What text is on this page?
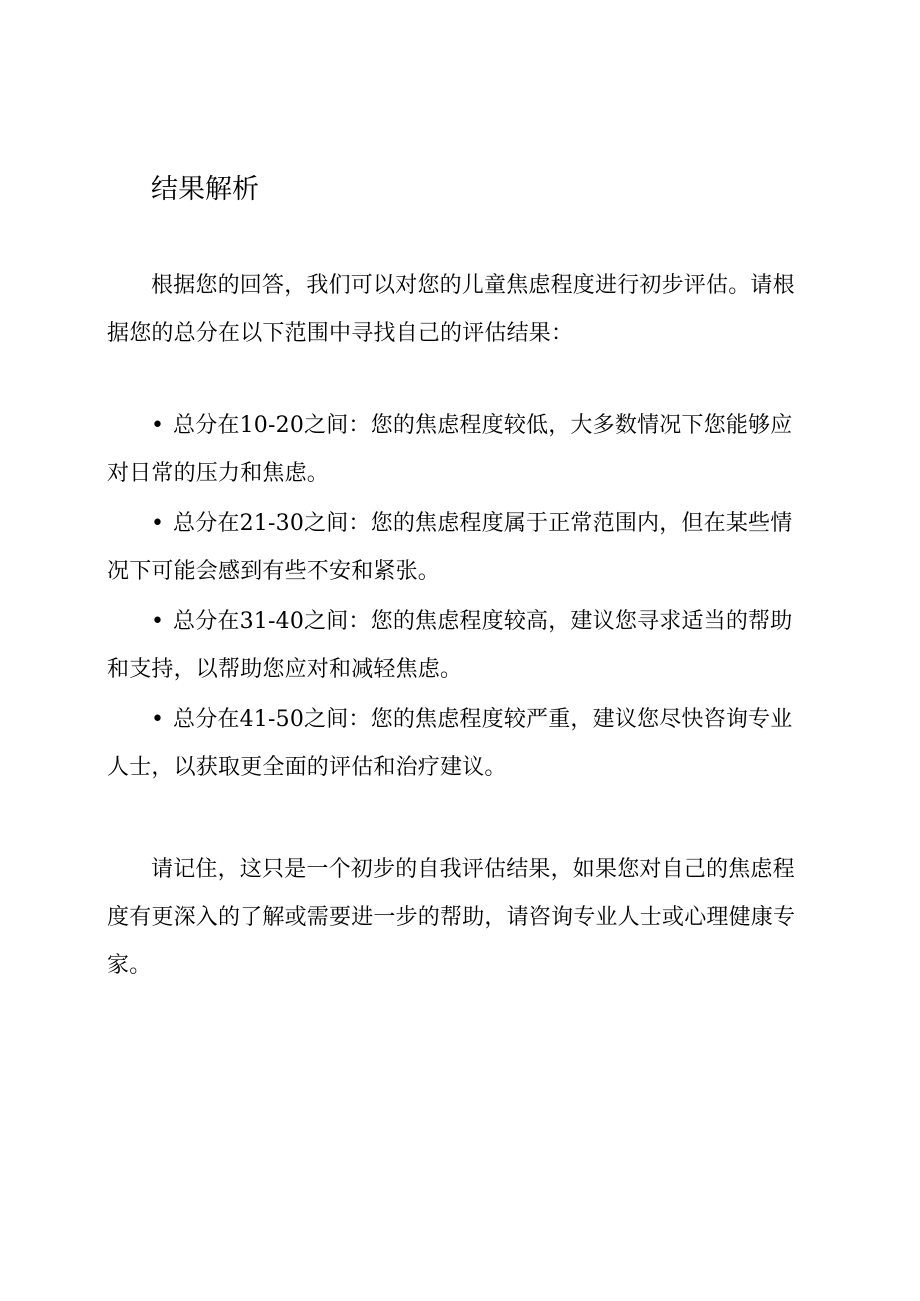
结果解析

根据您的回答，我们可以对您的儿童焦虑程度进行初步评估。请根据您的总分在以下范围中寻找自己的评估结果：

• 总分在10-20之间：您的焦虑程度较低，大多数情况下您能够应对日常的压力和焦虑。
• 总分在21-30之间：您的焦虑程度属于正常范围内，但在某些情况下可能会感到有些不安和紧张。
• 总分在31-40之间：您的焦虑程度较高，建议您寻求适当的帮助和支持，以帮助您应对和减轻焦虑。
• 总分在41-50之间：您的焦虑程度较严重，建议您尽快咨询专业人士，以获取更全面的评估和治疗建议。

请记住，这只是一个初步的自我评估结果，如果您对自己的焦虑程度有更深入的了解或需要进一步的帮助，请咨询专业人士或心理健康专家。
